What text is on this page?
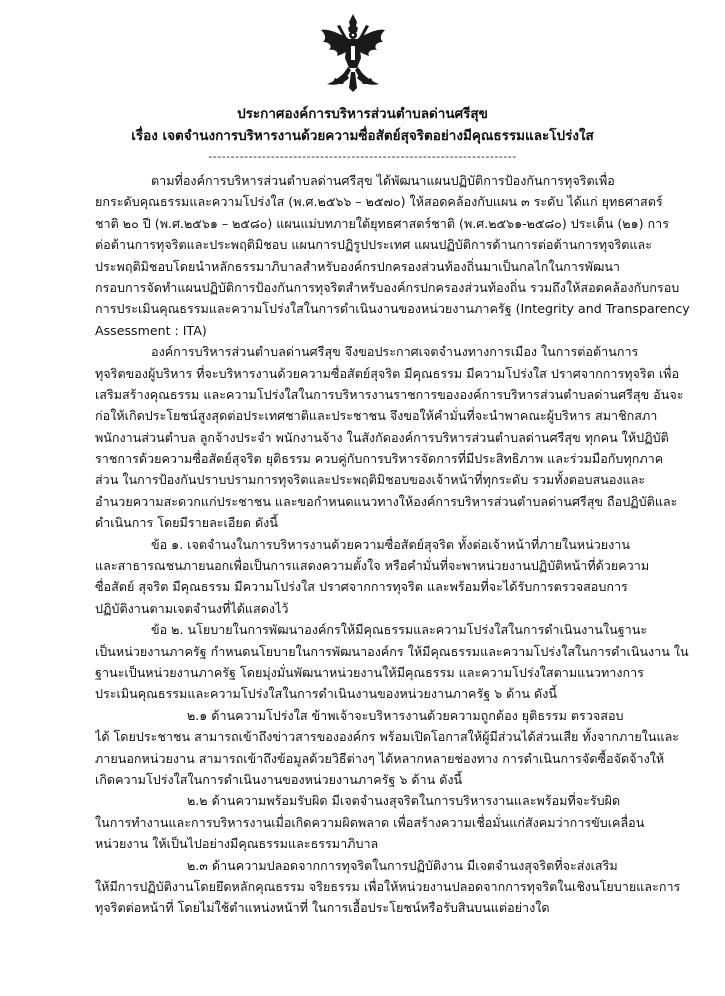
ประกาศองค์การบริหารส่วนตำบลด่านศรีสุข
เรื่อง เจตจำนงการบริหารงานด้วยความซื่อสัตย์สุจริตอย่างมีคุณธรรมและโปร่งใส
---------------------------------------------------------------------
ตามที่องค์การบริหารส่วนตำบลด่านศรีสุข ได้พัฒนาแผนปฏิบัติการป้องกันการทุจริตเพื่อ
ยกระดับคุณธรรมและความโปร่งใส (พ.ศ.๒๕๖๖ – ๒๕๗๐) ให้สอดคล้องกับแผน ๓ ระดับ ได้แก่ ยุทธศาสตร์
ชาติ ๒๐ ปี (พ.ศ.๒๕๖๑ – ๒๕๘๐) แผนแม่บทภายใต้ยุทธศาสตร์ชาติ (พ.ศ.๒๕๖๑-๒๕๘๐) ประเด็น (๒๑) การ
ต่อต้านการทุจริตและประพฤติมิชอบ แผนการปฏิรูปประเทศ แผนปฏิบัติการด้านการต่อต้านการทุจริตและ
ประพฤติมิชอบโดยนำหลักธรรมาภิบาลสำหรับองค์กรปกครองส่วนท้องถิ่นมาเป็นกลไกในการพัฒนา
กรอบการจัดทำแผนปฏิบัติการป้องกันการทุจริตสำหรับองค์กรปกครองส่วนท้องถิ่น รวมถึงให้สอดคล้องกับกรอบ
การประเมินคุณธรรมและความโปร่งใสในการดำเนินงานของหน่วยงานภาครัฐ (Integrity and Transparency
Assessment : ITA)
องค์การบริหารส่วนตำบลด่านศรีสุข จึงขอประกาศเจตจำนงทางการเมือง ในการต่อต้านการ
ทุจริตของผู้บริหาร ที่จะบริหารงานด้วยความซื่อสัตย์สุจริต มีคุณธรรม มีความโปร่งใส ปราศจากการทุจริต เพื่อ
เสริมสร้างคุณธรรม และความโปร่งใสในการบริหารงานราชการขององค์การบริหารส่วนตำบลด่านศรีสุข อันจะ
ก่อให้เกิดประโยชน์สูงสุดต่อประเทศชาติและประชาชน จึงขอให้คำมั่นที่จะนำพาคณะผู้บริหาร สมาชิกสภา
พนักงานส่วนตำบล ลูกจ้างประจำ พนักงานจ้าง ในสังกัดองค์การบริหารส่วนตำบลด่านศรีสุข ทุกคน ให้ปฏิบัติ
ราชการด้วยความซื่อสัตย์สุจริต ยุติธรรม ควบคู่กับการบริหารจัดการที่มีประสิทธิภาพ และร่วมมือกับทุกภาค
ส่วน ในการป้องกันปราบปรามการทุจริตและประพฤติมิชอบของเจ้าหน้าที่ทุกระดับ รวมทั้งตอบสนองและ
อำนวยความสะดวกแก่ประชาชน และขอกำหนดแนวทางให้องค์การบริหารส่วนตำบลด่านศรีสุข ถือปฏิบัติและ
ดำเนินการ โดยมีรายละเอียด ดังนี้
ข้อ ๑. เจตจำนงในการบริหารงานด้วยความซื่อสัตย์สุจริต ทั้งต่อเจ้าหน้าที่ภายในหน่วยงาน
และสาธารณชนภายนอกเพื่อเป็นการแสดงความตั้งใจ หรือคำมั่นที่จะพาหน่วยงานปฏิบัติหน้าที่ด้วยความ
ซื่อสัตย์ สุจริต มีคุณธรรม มีความโปร่งใส ปราศจากการทุจริต และพร้อมที่จะได้รับการตรวจสอบการ
ปฏิบัติงานตามเจตจำนงที่ได้แสดงไว้
ข้อ ๒. นโยบายในการพัฒนาองค์กรให้มีคุณธรรมและความโปร่งใสในการดำเนินงานในฐานะ
เป็นหน่วยงานภาครัฐ กำหนดนโยบายในการพัฒนาองค์กร ให้มีคุณธรรมและความโปร่งใสในการดำเนินงาน ใน
ฐานะเป็นหน่วยงานภาครัฐ โดยมุ่งมั่นพัฒนาหน่วยงานให้มีคุณธรรม และความโปร่งใสตามแนวทางการ
ประเมินคุณธรรมและความโปร่งใสในการดำเนินงานของหน่วยงานภาครัฐ ๖ ด้าน ดังนี้
๒.๑ ด้านความโปร่งใส ข้าพเจ้าจะบริหารงานด้วยความถูกต้อง ยุติธรรม ตรวจสอบ
ได้ โดยประชาชน สามารถเข้าถึงข่าวสารขององค์กร พร้อมเปิดโอกาสให้ผู้มีส่วนได้ส่วนเสีย ทั้งจากภายในและ
ภายนอกหน่วยงาน สามารถเข้าถึงข้อมูลด้วยวิธีต่างๆ ได้หลากหลายช่องทาง การดำเนินการจัดซื้อจัดจ้างให้
เกิดความโปร่งใสในการดำเนินงานของหน่วยงานภาครัฐ ๖ ด้าน ดังนี้
๒.๒ ด้านความพร้อมรับผิด มีเจตจำนงสุจริตในการบริหารงานและพร้อมที่จะรับผิด
ในการทำงานและการบริหารงานเมื่อเกิดความผิดพลาด เพื่อสร้างความเชื่อมั่นแก่สังคมว่าการขับเคลื่อน
หน่วยงาน ให้เป็นไปอย่างมีคุณธรรมและธรรมาภิบาล
๒.๓ ด้านความปลอดจากการทุจริตในการปฏิบัติงาน มีเจตจำนงสุจริตที่จะส่งเสริม
ให้มีการปฏิบัติงานโดยยึดหลักคุณธรรม จริยธรรม เพื่อให้หน่วยงานปลอดจากการทุจริตในเชิงนโยบายและการ
ทุจริตต่อหน้าที่ โดยไม่ใช้ตำแหน่งหน้าที่ ในการเอื้อประโยชน์หรือรับสินบนแต่อย่างใด
